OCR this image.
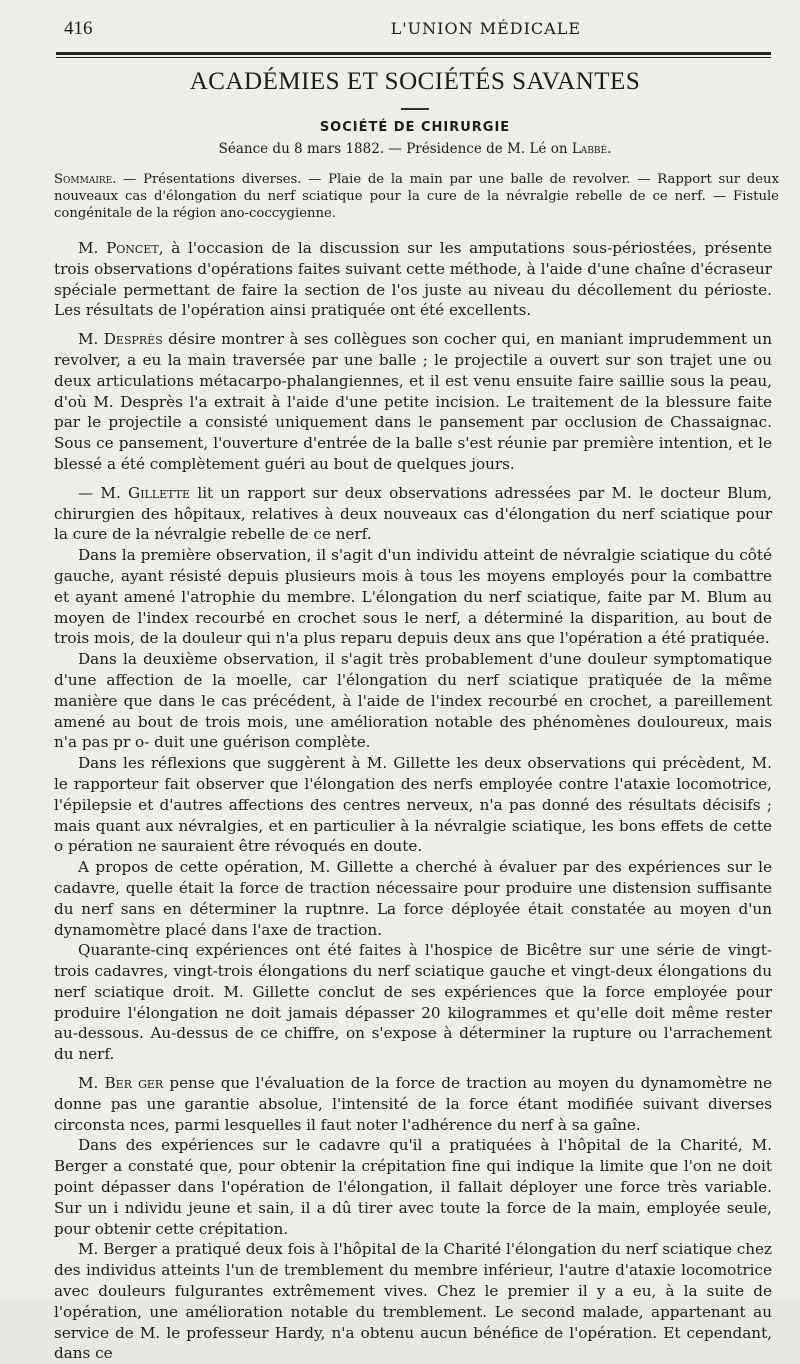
416	L'UNION MÉDICALE
ACADÉMIES ET SOCIÉTÉS SAVANTES
SOCIÉTÉ DE CHIRURGIE
Séance du 8 mars 1882. — Présidence de M. Lé on Labbé.
Sommaire. — Présentations diverses. — Plaie de la main par une balle de revolver. — Rapport sur deux nouveaux cas d'élongation du nerf sciatique pour la cure de la névralgie rebelle de ce nerf. — Fistule congénitale de la région ano-coccygienne.

M. Poncet, à l'occasion de la discussion sur les amputations sous-périostées, présente trois observations d'opérations faites suivant cette méthode, à l'aide d'une chaîne d'écraseur spéciale permettant de faire la section de l'os juste au niveau du décollement du périoste. Les résultats de l'opération ainsi pratiquée ont été excellents.

M. Desprès désire montrer à ses collègues son cocher qui, en maniant imprudemment un revolver, a eu la main traversée par une balle ; le projectile a ouvert sur son trajet une ou deux articulations métacarpo-phalangiennes, et il est venu ensuite faire saillie sous la peau, d'où M. Desprès l'a extrait à l'aide d'une petite incision. Le traitement de la blessure faite par le projectile a consisté uniquement dans le pansement par occlusion de Chassaignac. Sous ce pansement, l'ouverture d'entrée de la balle s'est réunie par première intention, et le blessé a été complètement guéri au bout de quelques jours.

— M. Gillette lit un rapport sur deux observations adressées par M. le docteur Blum, chirurgien des hôpitaux, relatives à deux nouveaux cas d'élongation du nerf sciatique pour la cure de la névralgie rebelle de ce nerf.

Dans la première observation, il s'agit d'un individu atteint de névralgie sciatique du côté gauche, ayant résisté depuis plusieurs mois à tous les moyens employés pour la combattre et ayant amené l'atrophie du membre. L'élongation du nerf sciatique, faite par M. Blum au moyen de l'index recourbé en crochet sous le nerf, a déterminé la disparition, au bout de trois mois, de la douleur qui n'a plus reparu depuis deux ans que l'opération a été pratiquée.

Dans la deuxième observation, il s'agit très probablement d'une douleur symptomatique d'une affection de la moelle, car l'élongation du nerf sciatique pratiquée de la même manière que dans le cas précédent, à l'aide de l'index recourbé en crochet, a pareillement amené au bout de trois mois, une amélioration notable des phénomènes douloureux, mais n'a pas pr o- duit une guérison complète.

Dans les réflexions que suggèrent à M. Gillette les deux observations qui précèdent, M. le rapporteur fait observer que l'élongation des nerfs employée contre l'ataxie locomotrice, l'épilepsie et d'autres affections des centres nerveux, n'a pas donné des résultats décisifs ; mais quant aux névralgies, et en particulier à la névralgie sciatique, les bons effets de cette o pération ne sauraient être révoqués en doute.

A propos de cette opération, M. Gillette a cherché à évaluer par des expériences sur le cadavre, quelle était la force de traction nécessaire pour produire une distension suffisante du nerf sans en déterminer la ruptnre. La force déployée était constatée au moyen d'un dynamomètre placé dans l'axe de traction.

Quarante-cinq expériences ont été faites à l'hospice de Bicêtre sur une série de vingt-trois cadavres, vingt-trois élongations du nerf sciatique gauche et vingt-deux élongations du nerf sciatique droit. M. Gillette conclut de ses expériences que la force employée pour produire l'élongation ne doit jamais dépasser 20 kilogrammes et qu'elle doit même rester au-dessous. Au-dessus de ce chiffre, on s'expose à déterminer la rupture ou l'arrachement du nerf.

M. Ber ger pense que l'évaluation de la force de traction au moyen du dynamomètre ne donne pas une garantie absolue, l'intensité de la force étant modifiée suivant diverses circonsta nces, parmi lesquelles il faut noter l'adhérence du nerf à sa gaîne.

Dans des expériences sur le cadavre qu'il a pratiquées à l'hôpital de la Charité, M. Berger a constaté que, pour obtenir la crépitation fine qui indique la limite que l'on ne doit point dépasser dans l'opération de l'élongation, il fallait déployer une force très variable. Sur un i ndividu jeune et sain, il a dû tirer avec toute la force de la main, employée seule, pour obtenir cette crépitation.

M. Berger a pratiqué deux fois à l'hôpital de la Charité l'élongation du nerf sciatique chez des individus atteints l'un de tremblement du membre inférieur, l'autre d'ataxie locomotrice avec douleurs fulgurantes extrêmement vives. Chez le premier il y a eu, à la suite de l'opération, une amélioration notable du tremblement. Le second malade, appartenant au service de M. le professeur Hardy, n'a obtenu aucun bénéfice de l'opération. Et cependant, dans ce
